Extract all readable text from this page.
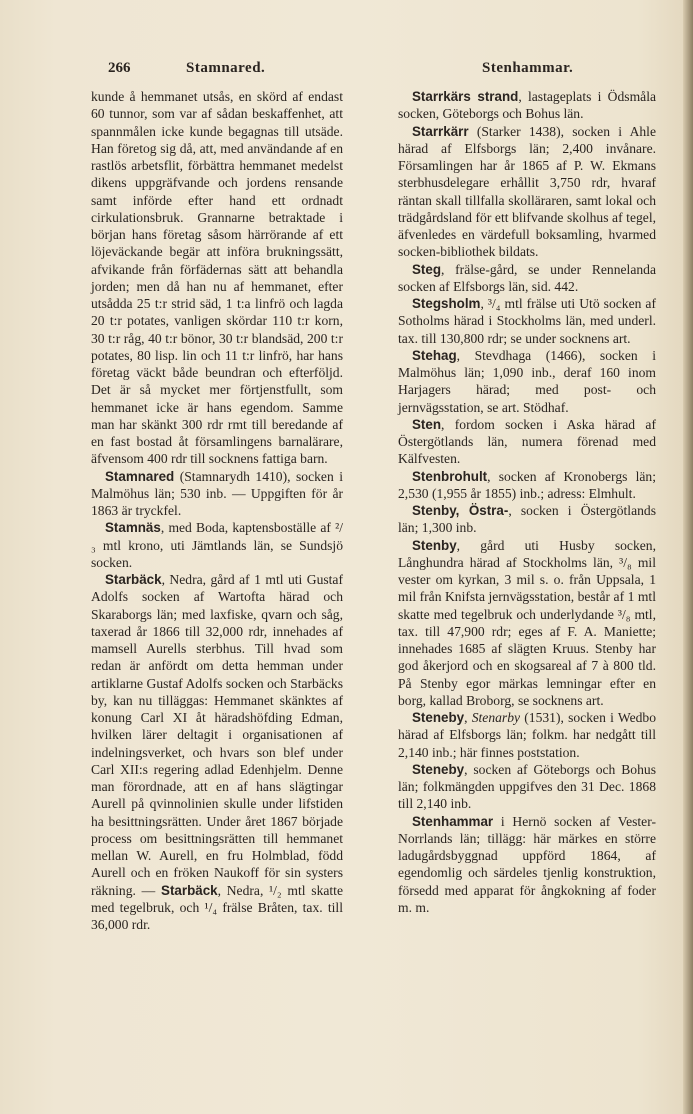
266	Stamnared.	Stenhammar.

kunde å hemmanet utsås, en skörd af endast 60 tunnor, som var af sådan beskaffenhet, att spannmålen icke kunde begagnas till utsäde. Han företog sig då, att, med användande af en rastlös arbetsflit, förbättra hemmanet medelst dikens uppgräfvande och jordens rensande samt införde efter hand ett ordnadt cirkulationsbruk. Grannarne betraktade i början hans företag såsom härrörande af ett löjeväckande begär att införa brukningssätt, afvikande från förfädernas sätt att behandla jorden; men då han nu af hemmanet, efter utsådda 25 t:r strid säd, 1 t:a linfrö och lagda 20 t:r potates, vanligen skördar 110 t:r korn, 30 t:r råg, 40 t:r bönor, 30 t:r blandsäd, 200 t:r potates, 80 lisp. lin och 11 t:r linfrö, har hans företag väckt både beundran och efterföljd. Det är så mycket mer förtjenstfullt, som hemmanet icke är hans egendom. Samme man har skänkt 300 rdr rmt till beredande af en fast bostad åt församlingens barnalärare, äfvensom 400 rdr till socknens fattiga barn.

Stamnared (Stamnarydh 1410), socken i Malmöhus län; 530 inb. — Uppgiften för år 1863 är tryckfel.

Stamnäs, med Boda, kaptensboställe af ²/₃ mtl krono, uti Jämtlands län, se Sundsjö socken.

Starbäck, Nedra, gård af 1 mtl uti Gustaf Adolfs socken af Wartofta härad och Skaraborgs län; med laxfiske, qvarn och såg, taxerad år 1866 till 32,000 rdr, innehades af mamsell Aurells sterbhus. Till hvad som redan är anfördt om detta hemman under artiklarne Gustaf Adolfs socken och Starbäcks by, kan nu tilläggas: Hemmanet skänktes af konung Carl XI åt häradshöfding Edman, hvilken lärer deltagit i organisationen af indelningsverket, och hvars son blef under Carl XII:s regering adlad Edenhjelm. Denne man förordnade, att en af hans slägtingar Aurell på qvinnolinien skulle under lifstiden ha besittningsrätten. Under året 1867 började process om besittningsrätten till hemmanet mellan W. Aurell, en fru Holmblad, född Aurell och en fröken Naukoff för sin systers räkning. — Starbäck, Nedra, ¹/₂ mtl skatte med tegelbruk, och ¹/₄ frälse Bråten, tax. till 36,000 rdr.

Starrkärs strand, lastageplats i Ödsmåla socken, Göteborgs och Bohus län.

Starrkärr (Starker 1438), socken i Ahle härad af Elfsborgs län; 2,400 invånare. Församlingen har år 1865 af P. W. Ekmans sterbhusdelegare erhållit 3,750 rdr, hvaraf räntan skall tillfalla skolläraren, samt lokal och trädgårdsland för ett blifvande skolhus af tegel, äfvenledes en värdefull boksamling, hvarmed socken-bibliothek bildats.

Steg, frälse-gård, se under Rennelanda socken af Elfsborgs län, sid. 442.

Stegsholm, ³/₄ mtl frälse uti Utö socken af Sotholms härad i Stockholms län, med underl. tax. till 130,800 rdr; se under socknens art.

Stehag, Stevdhaga (1466), socken i Malmöhus län; 1,090 inb., deraf 160 inom Harjagers härad; med post- och jernvägsstation, se art. Stödhaf.

Sten, fordom socken i Aska härad af Östergötlands län, numera förenad med Kälfvesten.

Stenbrohult, socken af Kronobergs län; 2,530 (1,955 år 1855) inb.; adress: Elmhult.

Stenby, Östra-, socken i Östergötlands län; 1,300 inb.

Stenby, gård uti Husby socken, Långhundra härad af Stockholms län, ³/₈ mil vester om kyrkan, 3 mil s. o. från Uppsala, 1 mil från Knifsta jernvägsstation, består af 1 mtl skatte med tegelbruk och underlydande ³/₈ mtl, tax. till 47,900 rdr; eges af F. A. Maniette; innehades 1685 af slägten Kruus. Stenby har god åkerjord och en skogsareal af 7 à 800 tld. På Stenby egor märkas lemningar efter en borg, kallad Broborg, se socknens art.

Steneby, Stenarby (1531), socken i Wedbo härad af Elfsborgs län; folkm. har nedgått till 2,140 inb.; här finnes poststation.

Steneby, socken af Göteborgs och Bohus län; folkmängden uppgifves den 31 Dec. 1868 till 2,140 inb.

Stenhammar i Hernö socken af Vester-Norrlands län; tillägg: här märkes en större ladugårdsbyggnad uppförd 1864, af egendomlig och särdeles tjenlig konstruktion, försedd med apparat för ångkokning af foder m. m.
